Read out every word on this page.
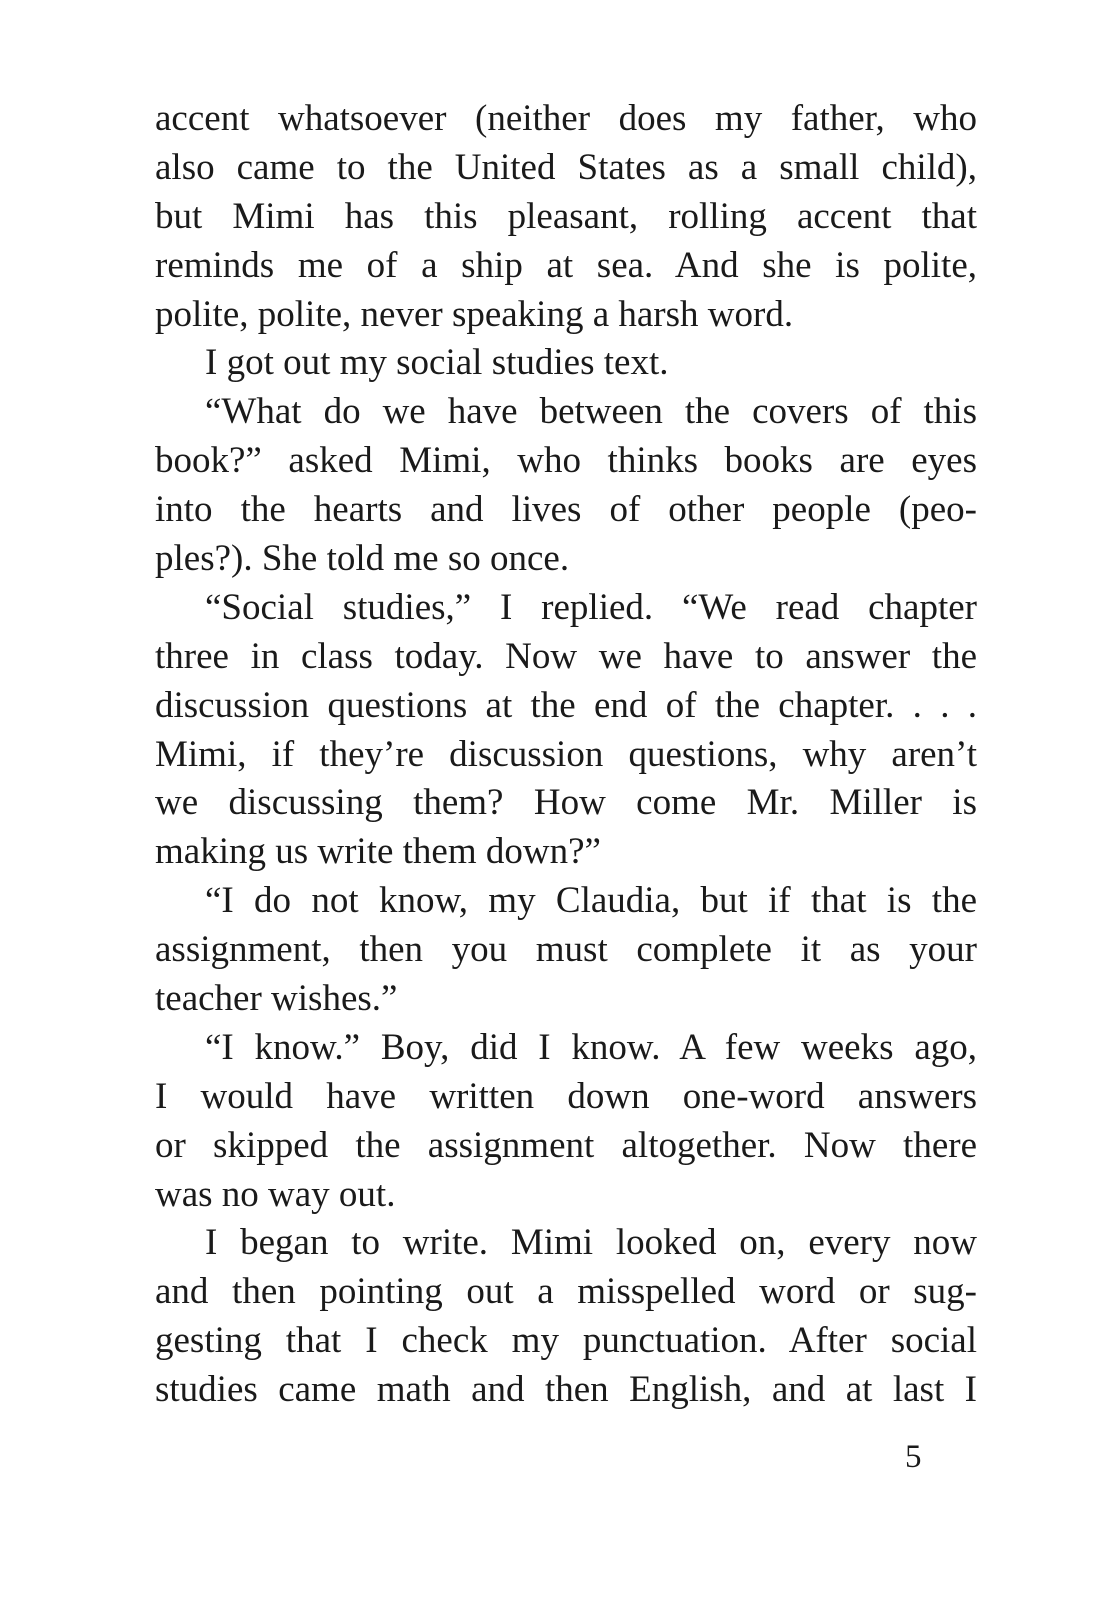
accent whatsoever (neither does my father, who
also came to the United States as a small child),
but Mimi has this pleasant, rolling accent that
reminds me of a ship at sea. And she is polite,
polite, polite, never speaking a harsh word.
I got out my social studies text.
“What do we have between the covers of this
book?” asked Mimi, who thinks books are eyes
into the hearts and lives of other people (peo-
ples?). She told me so once.
“Social studies,” I replied. “We read chapter
three in class today. Now we have to answer the
discussion questions at the end of the chapter. . . .
Mimi, if they’re discussion questions, why aren’t
we discussing them? How come Mr. Miller is
making us write them down?”
“I do not know, my Claudia, but if that is the
assignment, then you must complete it as your
teacher wishes.”
“I know.” Boy, did I know. A few weeks ago,
I would have written down one-word answers
or skipped the assignment altogether. Now there
was no way out.
I began to write. Mimi looked on, every now
and then pointing out a misspelled word or sug-
gesting that I check my punctuation. After social
studies came math and then English, and at last I
5
